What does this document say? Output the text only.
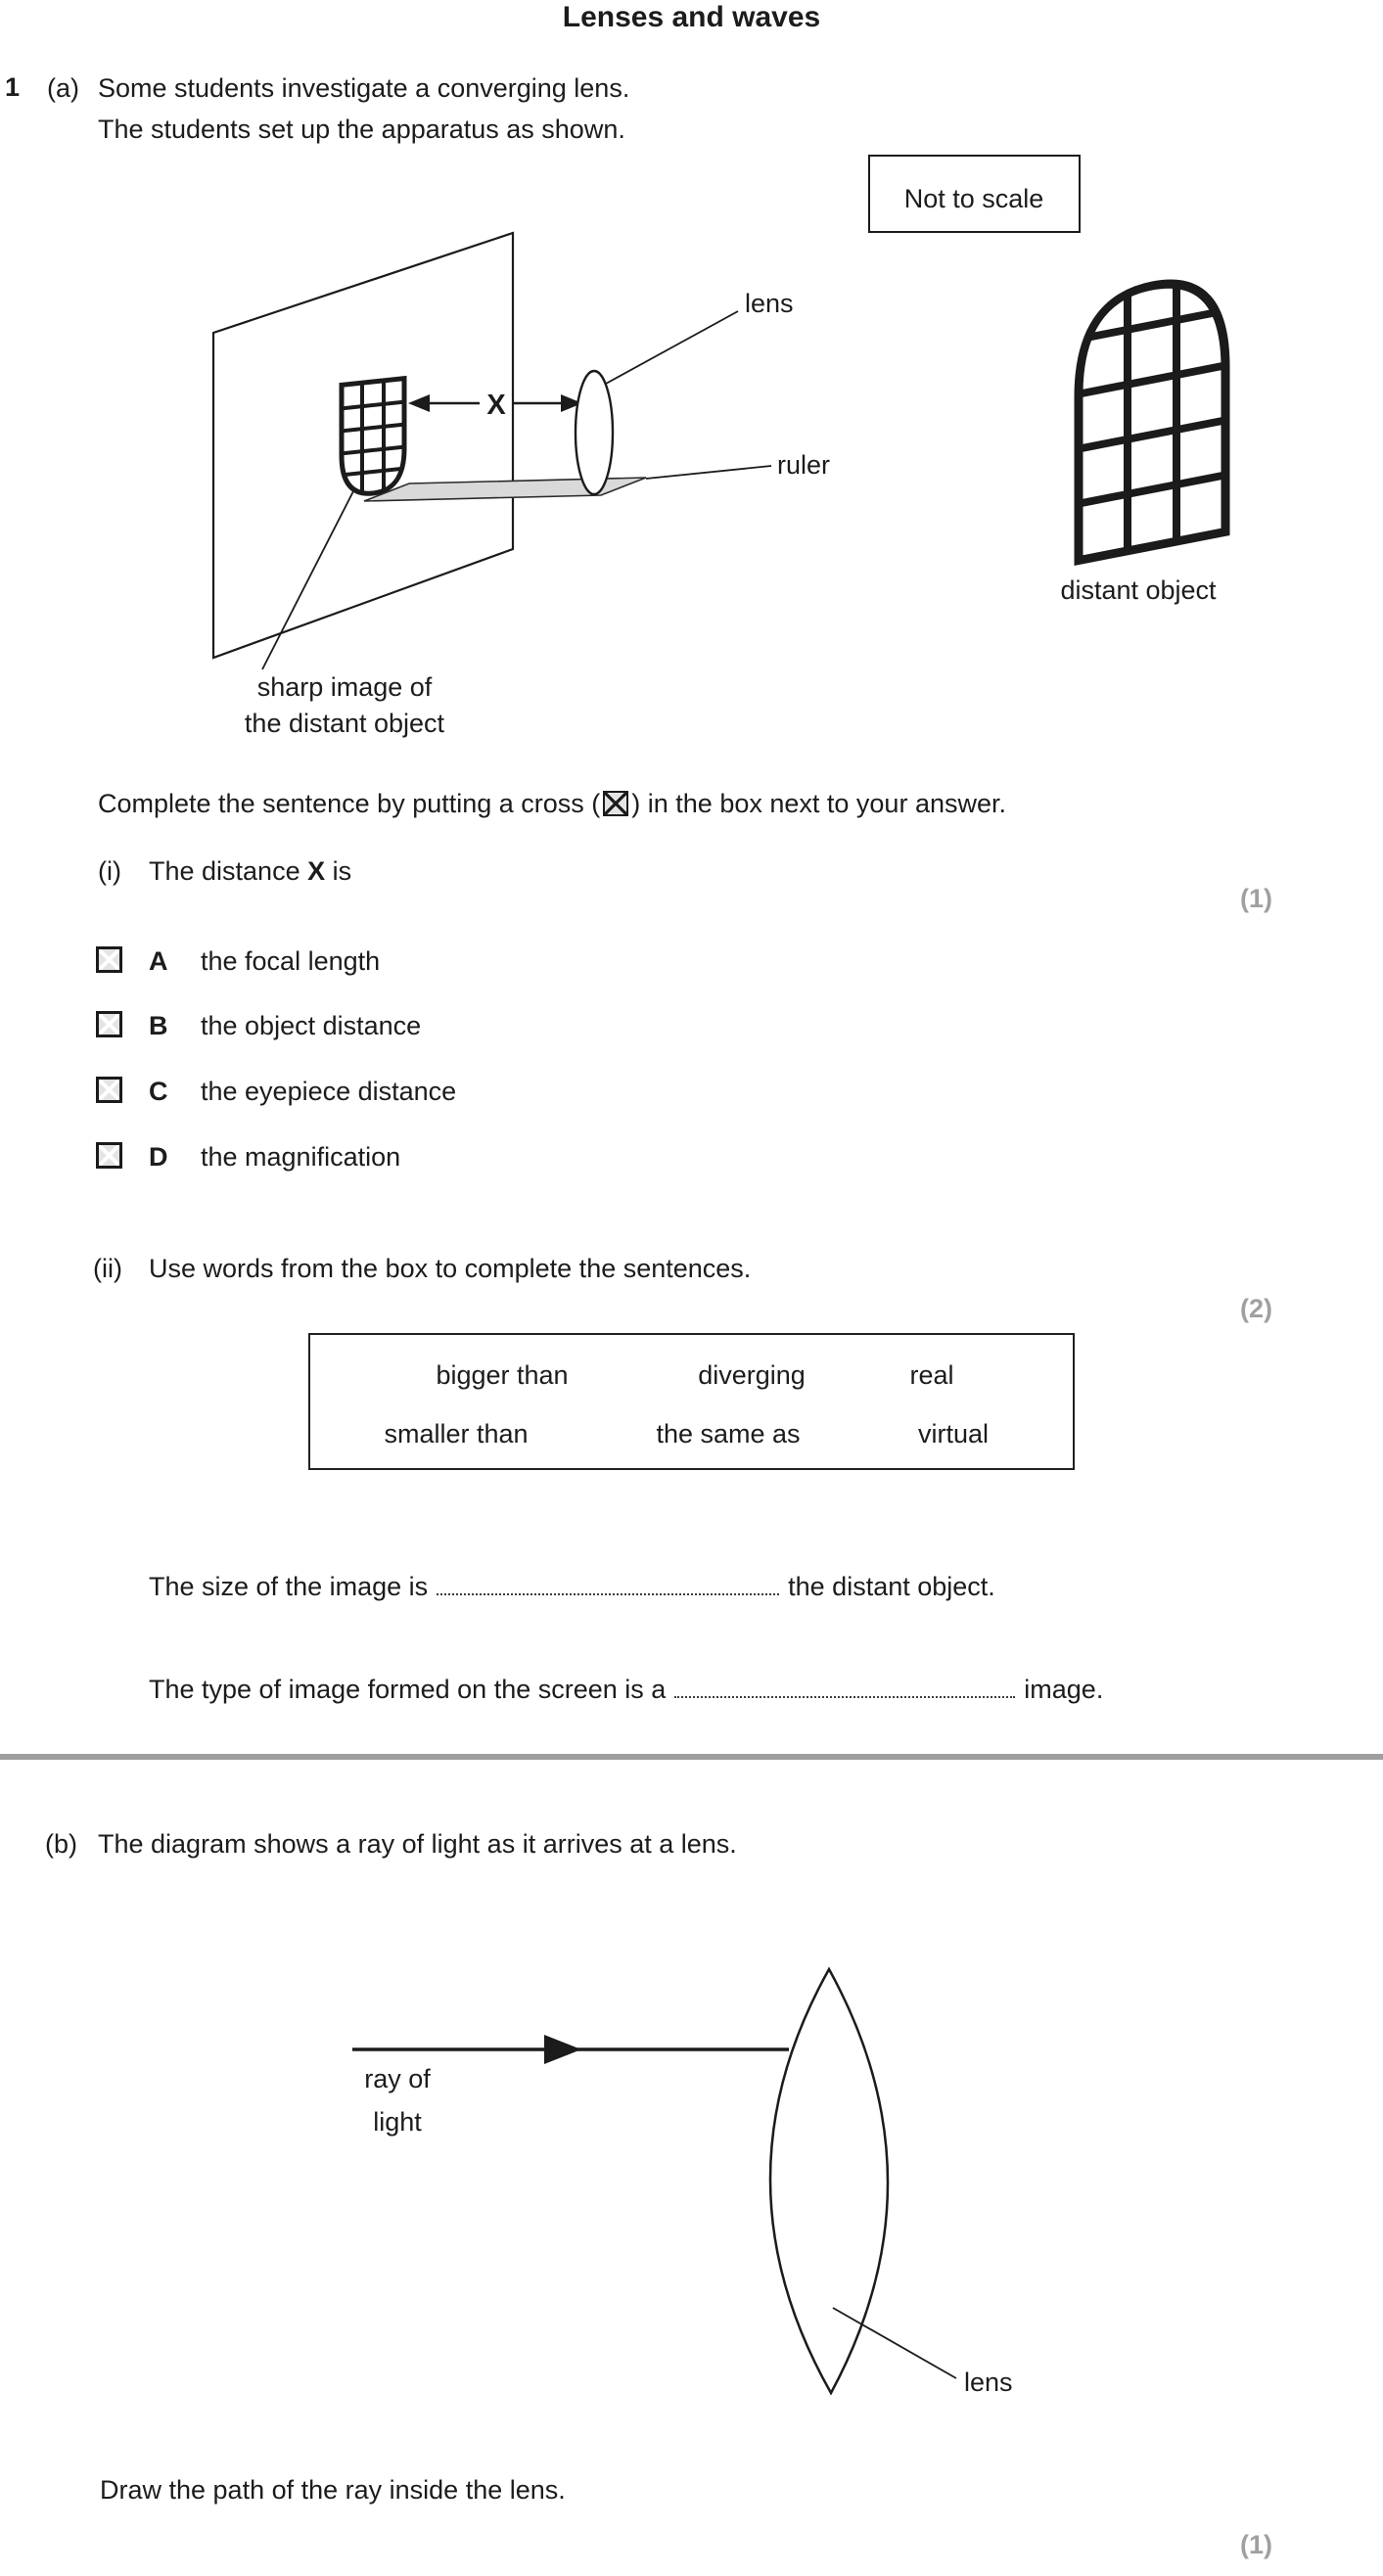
Lenses and waves
1 (a) Some students investigate a converging lens.
The students set up the apparatus as shown.
Not to scale
sharp image of
the distant object
ruler
X
lens
distant object
Complete the sentence by putting a cross ( ) in the box next to your answer.
(i) The distance X is
(1)
A the focal length
B the object distance
C the eyepiece distance
D the magnification
(ii) Use words from the box to complete the sentences.
(2)
bigger than	diverging	real
smaller than	the same as	virtual
The size of the image is	the distant object.
The type of image formed on the screen is a	image.
(b) The diagram shows a ray of light as it arrives at a lens.
ray of
light
lens
Draw the path of the ray inside the lens.
(1)
